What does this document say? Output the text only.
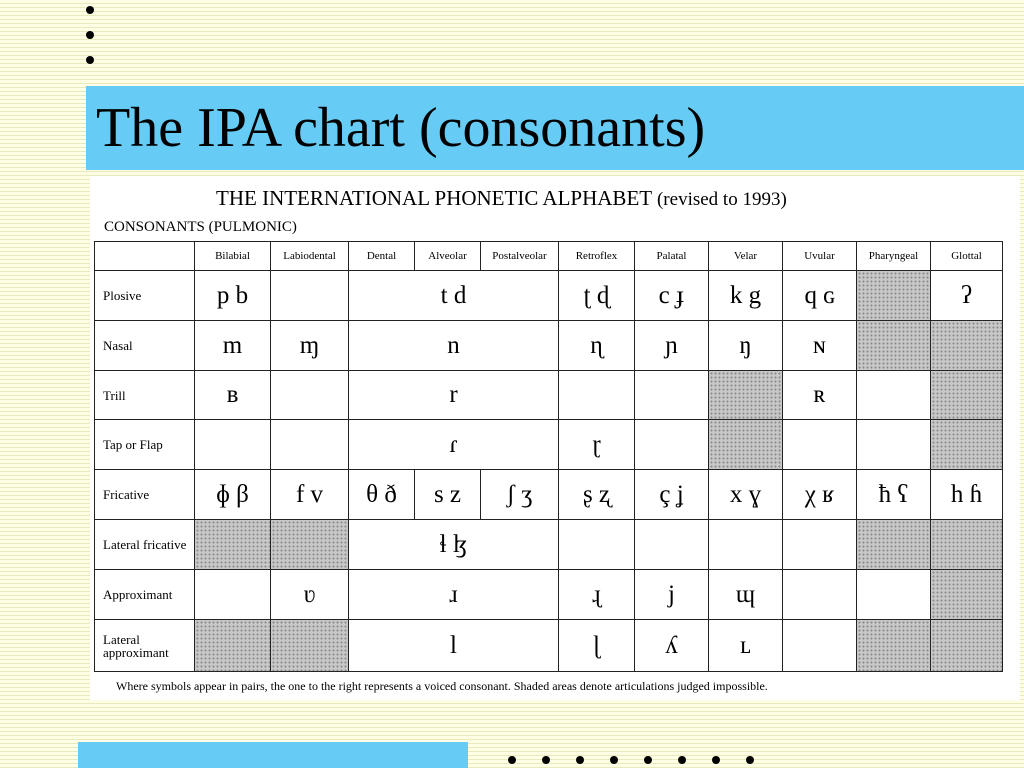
The IPA chart (consonants)
THE INTERNATIONAL PHONETIC ALPHABET (revised to 1993)
CONSONANTS (PULMONIC)
	Bilabial	Labiodental	Dental	Alveolar	Postalveolar	Retroflex	Palatal	Velar	Uvular	Pharyngeal	Glottal
Plosive	p b		t d			ʈ ɖ	c ɟ	k g	q ɢ		ʔ
Nasal	m	ɱ	n			ɳ	ɲ	ŋ	ɴ		
Trill	ʙ		r						ʀ		
Tap or Flap			ɾ			ɽ					
Fricative	ɸ β	f v	θ ð	s z	ʃ ʒ	ʂ ʐ	ç ʝ	x ɣ	χ ʁ	ħ ʕ	h ɦ
Lateral fricative			ɬ ɮ								
Approximant		ʋ	ɹ			ɻ	j	ɰ			
Lateral approximant			l			ɭ	ʎ	ʟ			
Where symbols appear in pairs, the one to the right represents a voiced consonant. Shaded areas denote articulations judged impossible.
